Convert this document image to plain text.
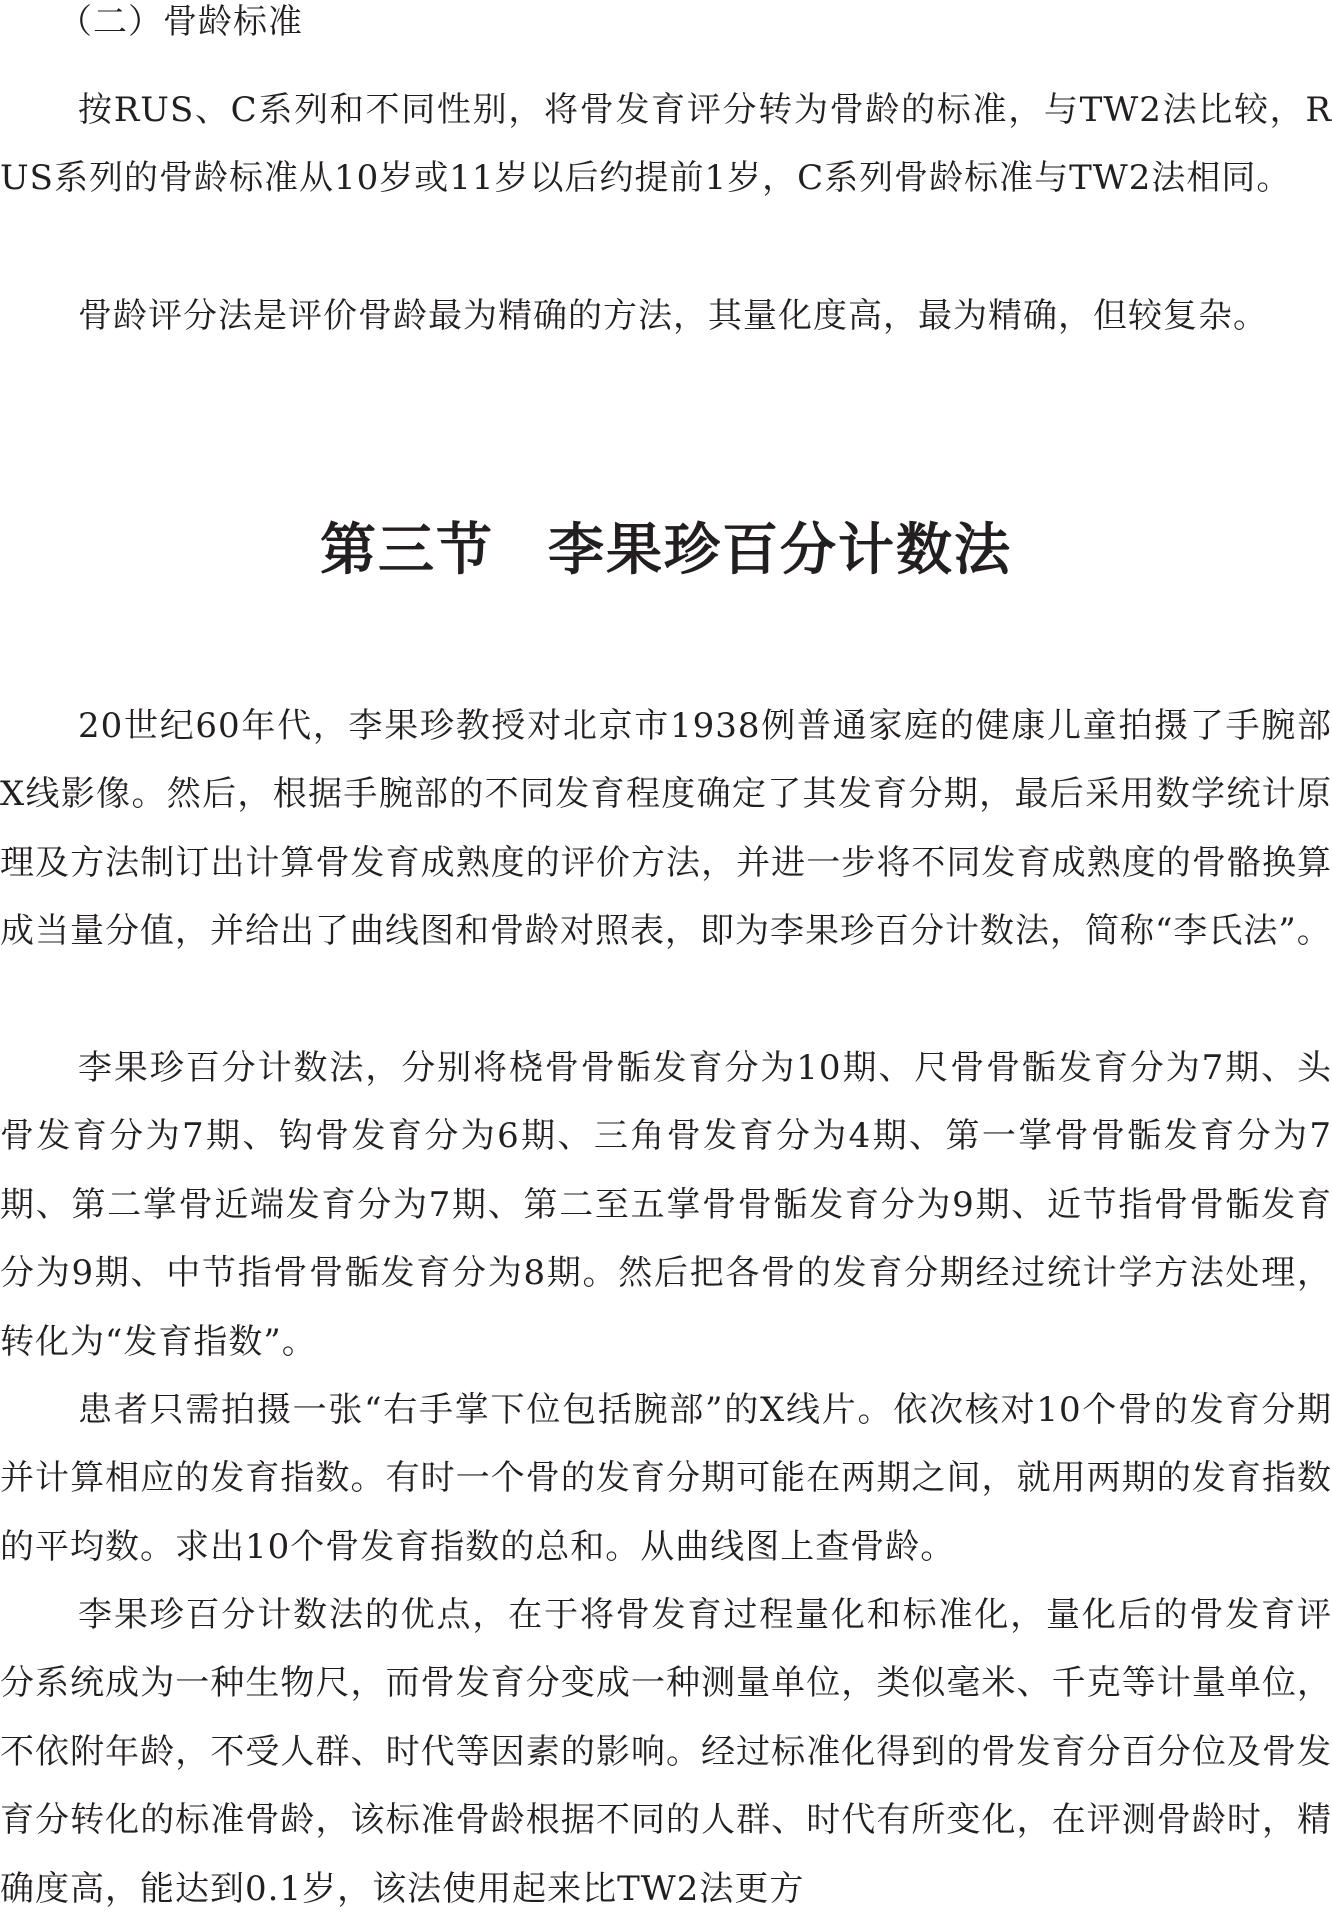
（二）骨龄标准

按RUS、C系列和不同性别，将骨发育评分转为骨龄的标准，与TW2法比较，RUS系列的骨龄标准从10岁或11岁以后约提前1岁，C系列骨龄标准与TW2法相同。

骨龄评分法是评价骨龄最为精确的方法，其量化度高，最为精确，但较复杂。

第三节 李果珍百分计数法

20世纪60年代，李果珍教授对北京市1938例普通家庭的健康儿童拍摄了手腕部X线影像。然后，根据手腕部的不同发育程度确定了其发育分期，最后采用数学统计原理及方法制订出计算骨发育成熟度的评价方法，并进一步将不同发育成熟度的骨骼换算成当量分值，并给出了曲线图和骨龄对照表，即为李果珍百分计数法，简称“李氏法”。

李果珍百分计数法，分别将桡骨骨骺发育分为10期、尺骨骨骺发育分为7期、头骨发育分为7期、钩骨发育分为6期、三角骨发育分为4期、第一掌骨骨骺发育分为7期、第二掌骨近端发育分为7期、第二至五掌骨骨骺发育分为9期、近节指骨骨骺发育分为9期、中节指骨骨骺发育分为8期。然后把各骨的发育分期经过统计学方法处理，转化为“发育指数”。

患者只需拍摄一张“右手掌下位包括腕部”的X线片。依次核对10个骨的发育分期并计算相应的发育指数。有时一个骨的发育分期可能在两期之间，就用两期的发育指数的平均数。求出10个骨发育指数的总和。从曲线图上查骨龄。

李果珍百分计数法的优点，在于将骨发育过程量化和标准化，量化后的骨发育评分系统成为一种生物尺，而骨发育分变成一种测量单位，类似毫米、千克等计量单位，不依附年龄，不受人群、时代等因素的影响。经过标准化得到的骨发育分百分位及骨发育分转化的标准骨龄，该标准骨龄根据不同的人群、时代有所变化，在评测骨龄时，精确度高，能达到0.1岁，该法使用起来比TW2法更方
